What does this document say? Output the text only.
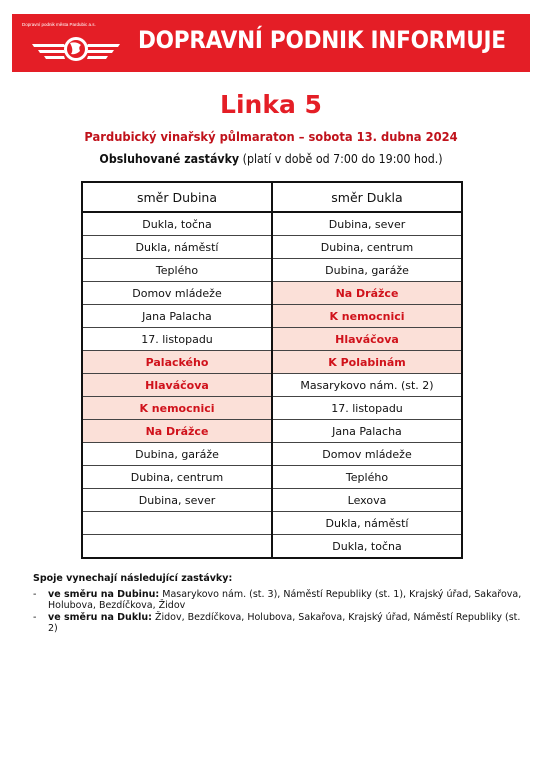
Dopravní podnik města Pardubic a.s.
DOPRAVNÍ PODNIK INFORMUJE
Linka 5
Pardubický vinařský půlmaraton – sobota 13. dubna 2024
Obsluhované zastávky (platí v době od 7:00 do 19:00 hod.)
směr Dubina	směr Dukla
Dukla, točna	Dubina, sever
Dukla, náměstí	Dubina, centrum
Teplého	Dubina, garáže
Domov mládeže	Na Drážce
Jana Palacha	K nemocnici
17. listopadu	Hlaváčova
Palackého	K Polabinám
Hlaváčova	Masarykovo nám. (st. 2)
K nemocnici	17. listopadu
Na Drážce	Jana Palacha
Dubina, garáže	Domov mládeže
Dubina, centrum	Teplého
Dubina, sever	Lexova
	Dukla, náměstí
	Dukla, točna
Spoje vynechají následující zastávky:
- ve směru na Dubinu: Masarykovo nám. (st. 3), Náměstí Republiky (st. 1), Krajský úřad, Sakařova, Holubova, Bezdíčkova, Židov
- ve směru na Duklu: Židov, Bezdíčkova, Holubova, Sakařova, Krajský úřad, Náměstí Republiky (st. 2)
